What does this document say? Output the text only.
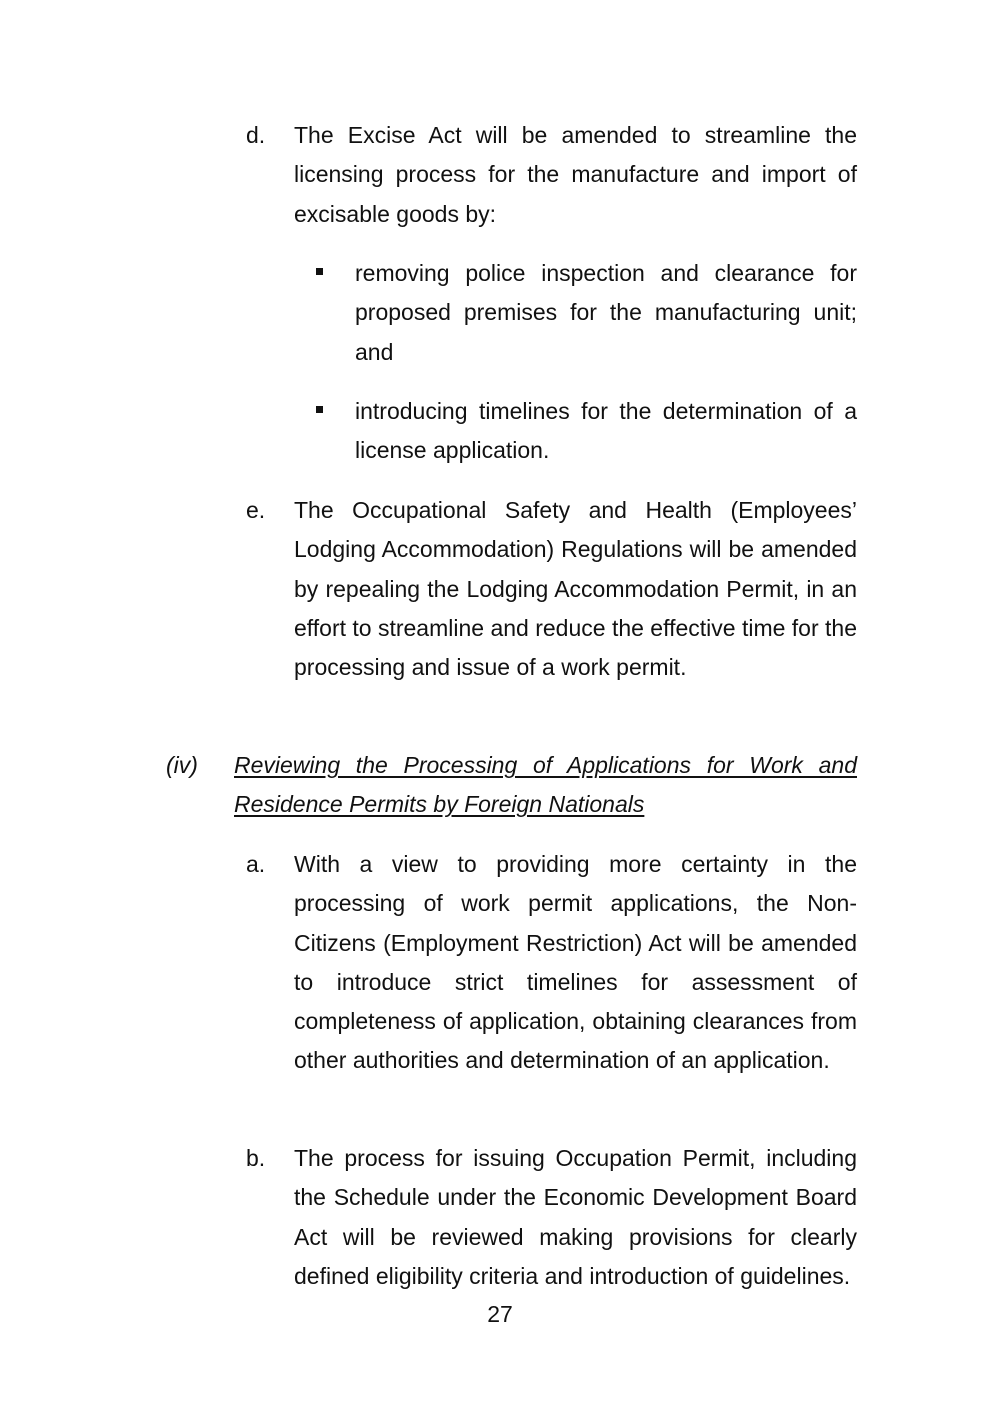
d. The Excise Act will be amended to streamline the licensing process for the manufacture and import of excisable goods by:

removing police inspection and clearance for proposed premises for the manufacturing unit; and

introducing timelines for the determination of a license application.

e. The Occupational Safety and Health (Employees’ Lodging Accommodation) Regulations will be amended by repealing the Lodging Accommodation Permit, in an effort to streamline and reduce the effective time for the processing and issue of a work permit.

(iv) Reviewing the Processing of Applications for Work and Residence Permits by Foreign Nationals

a. With a view to providing more certainty in the processing of work permit applications, the Non-Citizens (Employment Restriction) Act will be amended to introduce strict timelines for assessment of completeness of application, obtaining clearances from other authorities and determination of an application.

b. The process for issuing Occupation Permit, including the Schedule under the Economic Development Board Act will be reviewed making provisions for clearly defined eligibility criteria and introduction of guidelines.

27
